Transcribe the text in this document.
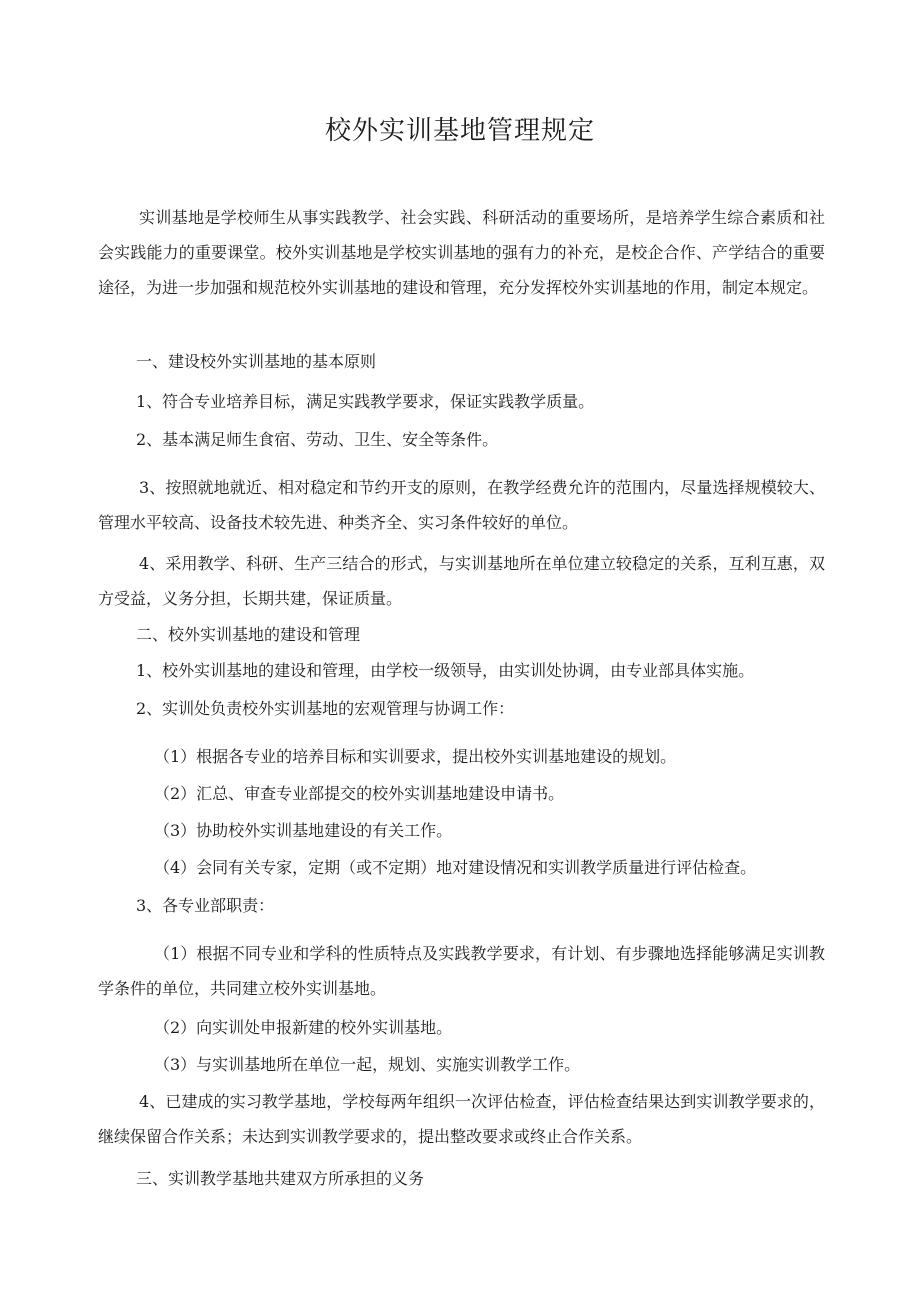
校外实训基地管理规定
实训基地是学校师生从事实践教学、社会实践、科研活动的重要场所，是培养学生综合素质和社会实践能力的重要课堂。校外实训基地是学校实训基地的强有力的补充，是校企合作、产学结合的重要途径，为进一步加强和规范校外实训基地的建设和管理，充分发挥校外实训基地的作用，制定本规定。
一、建设校外实训基地的基本原则
1、符合专业培养目标，满足实践教学要求，保证实践教学质量。
2、基本满足师生食宿、劳动、卫生、安全等条件。
3、按照就地就近、相对稳定和节约开支的原则，在教学经费允许的范围内，尽量选择规模较大、管理水平较高、设备技术较先进、种类齐全、实习条件较好的单位。
4、采用教学、科研、生产三结合的形式，与实训基地所在单位建立较稳定的关系，互利互惠，双方受益，义务分担，长期共建，保证质量。
二、校外实训基地的建设和管理
1、校外实训基地的建设和管理，由学校一级领导，由实训处协调，由专业部具体实施。
2、实训处负责校外实训基地的宏观管理与协调工作：
（1）根据各专业的培养目标和实训要求，提出校外实训基地建设的规划。
（2）汇总、审查专业部提交的校外实训基地建设申请书。
（3）协助校外实训基地建设的有关工作。
（4）会同有关专家，定期（或不定期）地对建设情况和实训教学质量进行评估检查。
3、各专业部职责：
（1）根据不同专业和学科的性质特点及实践教学要求，有计划、有步骤地选择能够满足实训教学条件的单位，共同建立校外实训基地。
（2）向实训处申报新建的校外实训基地。
（3）与实训基地所在单位一起，规划、实施实训教学工作。
4、已建成的实习教学基地，学校每两年组织一次评估检查，评估检查结果达到实训教学要求的，继续保留合作关系；未达到实训教学要求的，提出整改要求或终止合作关系。
三、实训教学基地共建双方所承担的义务
